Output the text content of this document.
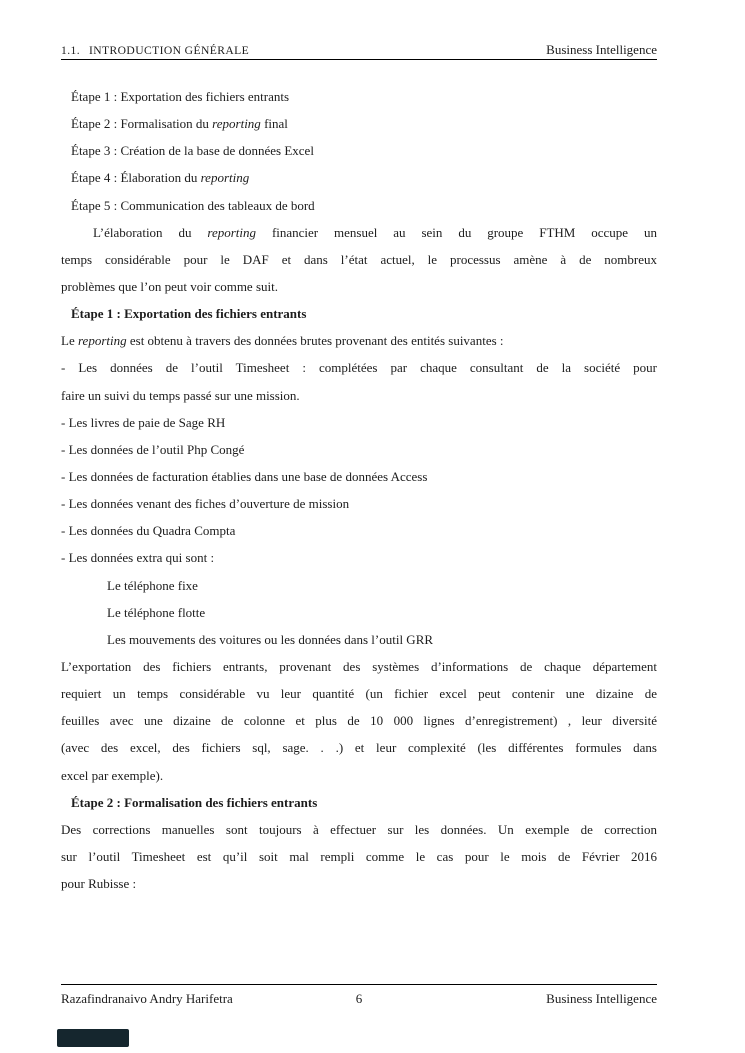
1.1. INTRODUCTION GÉNÉRALE	Business Intelligence
Étape 1 : Exportation des fichiers entrants
Étape 2 : Formalisation du reporting final
Étape 3 : Création de la base de données Excel
Étape 4 : Élaboration du reporting
Étape 5 : Communication des tableaux de bord
L’élaboration du reporting financier mensuel au sein du groupe FTHM occupe un
temps considérable pour le DAF et dans l’état actuel, le processus amène à de nombreux
problèmes que l’on peut voir comme suit.
Étape 1 : Exportation des fichiers entrants
Le reporting est obtenu à travers des données brutes provenant des entités suivantes :
- Les données de l’outil Timesheet : complétées par chaque consultant de la société pour
faire un suivi du temps passé sur une mission.
- Les livres de paie de Sage RH
- Les données de l’outil Php Congé
- Les données de facturation établies dans une base de données Access
- Les données venant des fiches d’ouverture de mission
- Les données du Quadra Compta
- Les données extra qui sont :
Le téléphone fixe
Le téléphone flotte
Les mouvements des voitures ou les données dans l’outil GRR
L’exportation des fichiers entrants, provenant des systèmes d’informations de chaque département
requiert un temps considérable vu leur quantité (un fichier excel peut contenir une dizaine de
feuilles avec une dizaine de colonne et plus de 10 000 lignes d’enregistrement) , leur diversité
(avec des excel, des fichiers sql, sage. . .) et leur complexité (les différentes formules dans
excel par exemple).
Étape 2 : Formalisation des fichiers entrants
Des corrections manuelles sont toujours à effectuer sur les données. Un exemple de correction
sur l’outil Timesheet est qu’il soit mal rempli comme le cas pour le mois de Février 2016
pour Rubisse :
Razafindranaivo Andry Harifetra	6	Business Intelligence
